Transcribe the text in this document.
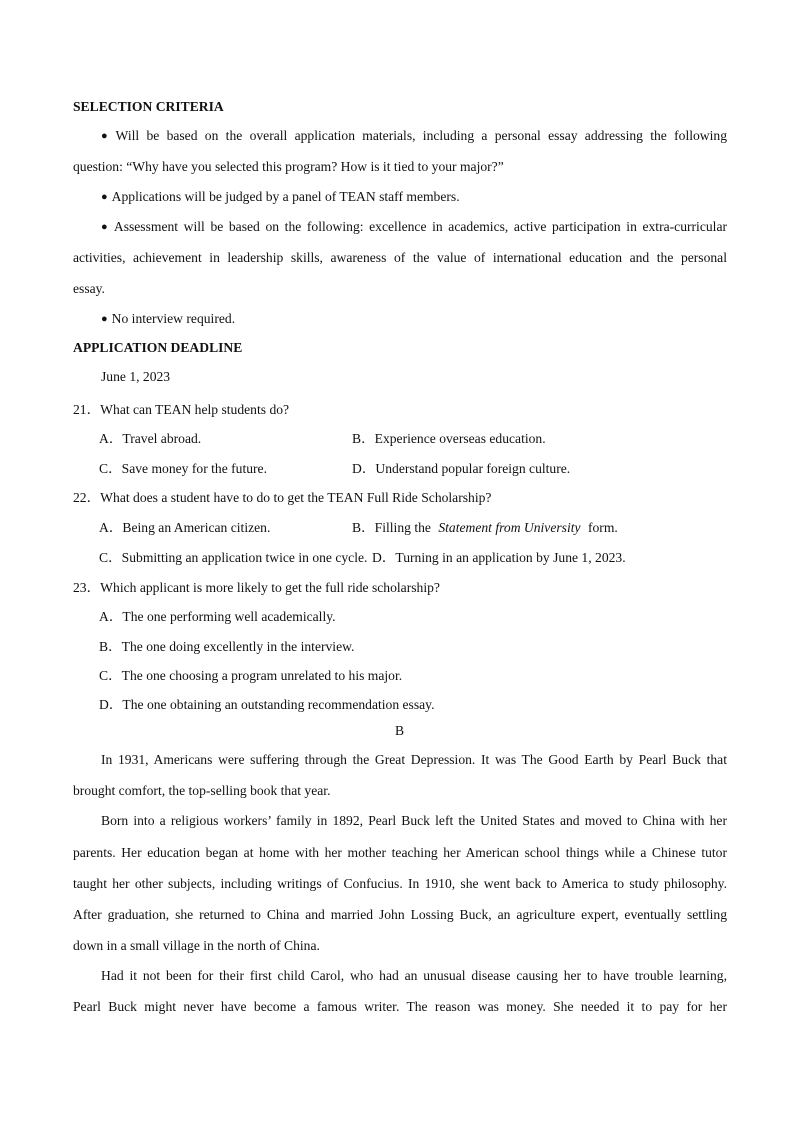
SELECTION CRITERIA
● Will be based on the overall application materials, including a personal essay addressing the following
question: “Why have you selected this program? How is it tied to your major?”
● Applications will be judged by a panel of TEAN staff members.
● Assessment will be based on the following: excellence in academics, active participation in extra-curricular
activities, achievement in leadership skills, awareness of the value of international education and the personal
essay.
● No interview required.
APPLICATION DEADLINE
June 1, 2023
21．What can TEAN help students do?
A．Travel abroad.	B．Experience overseas education.
C．Save money for the future.	D．Understand popular foreign culture.
22．What does a student have to do to get the TEAN Full Ride Scholarship?
A．Being an American citizen.	B．Filling the Statement from University form.
C．Submitting an application twice in one cycle. D．Turning in an application by June 1, 2023.
23．Which applicant is more likely to get the full ride scholarship?
A．The one performing well academically.
B．The one doing excellently in the interview.
C．The one choosing a program unrelated to his major.
D．The one obtaining an outstanding recommendation essay.
B
In 1931, Americans were suffering through the Great Depression. It was The Good Earth by Pearl Buck that
brought comfort, the top-selling book that year.
Born into a religious workers’ family in 1892, Pearl Buck left the United States and moved to China with her
parents. Her education began at home with her mother teaching her American school things while a Chinese tutor
taught her other subjects, including writings of Confucius. In 1910, she went back to America to study philosophy.
After graduation, she returned to China and married John Lossing Buck, an agriculture expert, eventually settling
down in a small village in the north of China.
Had it not been for their first child Carol, who had an unusual disease causing her to have trouble learning,
Pearl Buck might never have become a famous writer. The reason was money. She needed it to pay for her
